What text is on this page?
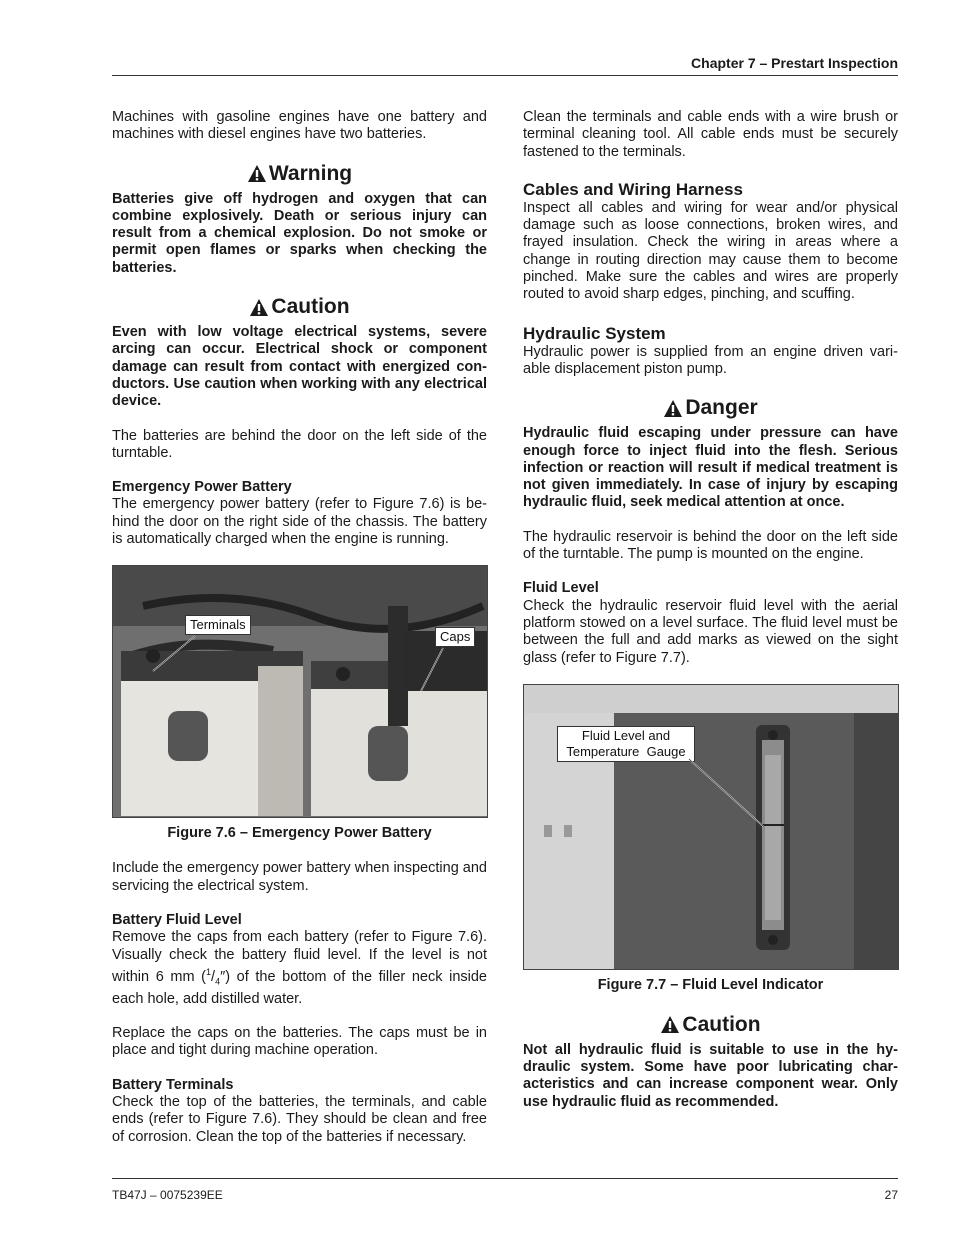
Chapter 7 – Prestart Inspection

Machines with gasoline engines have one battery and machines with diesel engines have two batteries.

Warning

Batteries give off hydrogen and oxygen that can combine explosively. Death or serious injury can result from a chemical explosion. Do not smoke or permit open flames or sparks when checking the batteries.

Caution

Even with low voltage electrical systems, severe arcing can occur. Electrical shock or component damage can result from contact with energized conductors. Use caution when working with any electrical device.

The batteries are behind the door on the left side of the turntable.

Emergency Power Battery

The emergency power battery (refer to Figure 7.6) is behind the door on the right side of the chassis. The battery is automatically charged when the engine is running.

Terminals
Caps
Figure 7.6 – Emergency Power Battery

Include the emergency power battery when inspecting and servicing the electrical system.

Battery Fluid Level

Remove the caps from each battery (refer to Figure 7.6). Visually check the battery fluid level. If the level is not within 6 mm $(^1/_4'')$ of the bottom of the filler neck inside each hole, add distilled water.

Replace the caps on the batteries. The caps must be in place and tight during machine operation.

Battery Terminals

Check the top of the batteries, the terminals, and cable ends (refer to Figure 7.6). They should be clean and free of corrosion. Clean the top of the batteries if necessary.

Clean the terminals and cable ends with a wire brush or terminal cleaning tool. All cable ends must be securely fastened to the terminals.

Cables and Wiring Harness

Inspect all cables and wiring for wear and/or physical damage such as loose connections, broken wires, and frayed insulation. Check the wiring in areas where a change in routing direction may cause them to become pinched. Make sure the cables and wires are properly routed to avoid sharp edges, pinching, and scuffing.

Hydraulic System

Hydraulic power is supplied from an engine driven variable displacement piston pump.

Danger

Hydraulic fluid escaping under pressure can have enough force to inject fluid into the flesh. Serious infection or reaction will result if medical treatment is not given immediately. In case of injury by escaping hydraulic fluid, seek medical attention at once.

The hydraulic reservoir is behind the door on the left side of the turntable. The pump is mounted on the engine.

Fluid Level

Check the hydraulic reservoir fluid level with the aerial platform stowed on a level surface. The fluid level must be between the full and add marks as viewed on the sight glass (refer to Figure 7.7).

Fluid Level and
Temperature  Gauge
Figure 7.7 – Fluid Level Indicator
Caution

Not all hydraulic fluid is suitable to use in the hydraulic system. Some have poor lubricating characteristics and can increase component wear. Only use hydraulic fluid as recommended.

TB47J – 0075239EE	27
